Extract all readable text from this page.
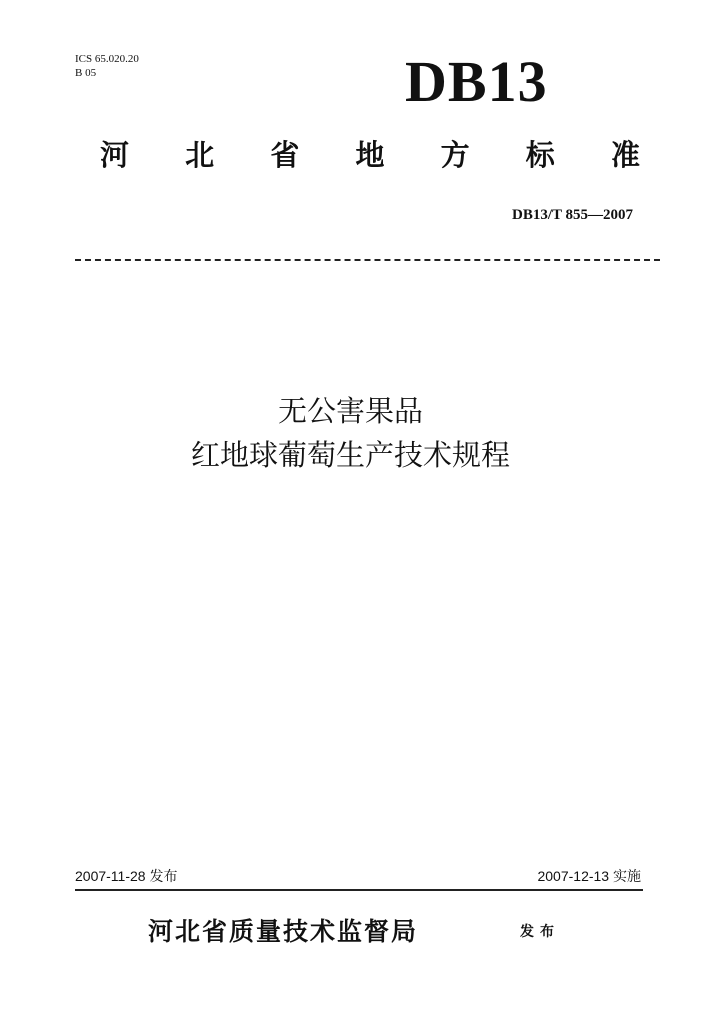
ICS 65.020.20
B 05	DB13
河 北 省 地 方 标 准
DB13/T 855—2007
无公害果品
红地球葡萄生产技术规程
2007-11-28 发布	2007-12-13 实施
河北省质量技术监督局	发布
